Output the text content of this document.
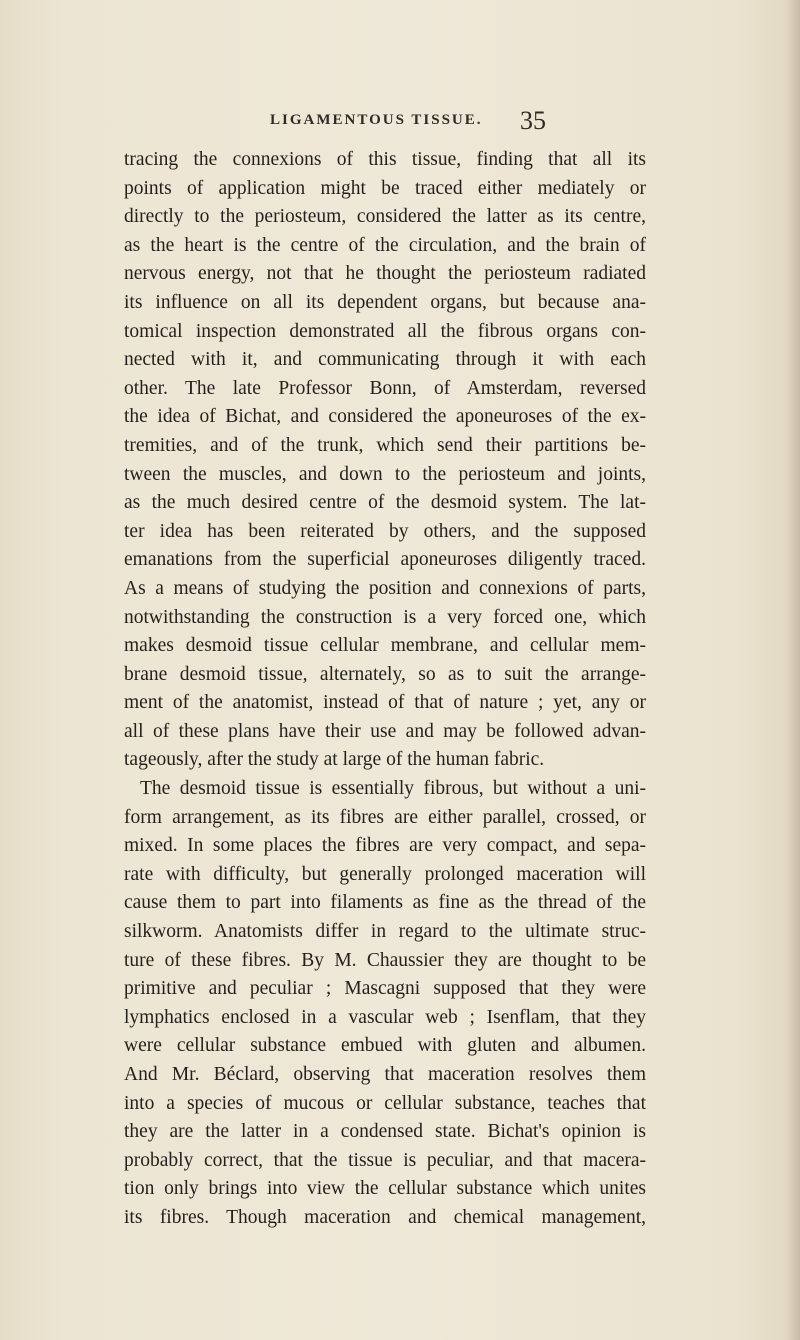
LIGAMENTOUS TISSUE. 35
tracing the connexions of this tissue, finding that all its
points of application might be traced either mediately or
directly to the periosteum, considered the latter as its centre,
as the heart is the centre of the circulation, and the brain of
nervous energy, not that he thought the periosteum radiated
its influence on all its dependent organs, but because ana-
tomical inspection demonstrated all the fibrous organs con-
nected with it, and communicating through it with each
other. The late Professor Bonn, of Amsterdam, reversed
the idea of Bichat, and considered the aponeuroses of the ex-
tremities, and of the trunk, which send their partitions be-
tween the muscles, and down to the periosteum and joints,
as the much desired centre of the desmoid system. The lat-
ter idea has been reiterated by others, and the supposed
emanations from the superficial aponeuroses diligently traced.
As a means of studying the position and connexions of parts,
notwithstanding the construction is a very forced one, which
makes desmoid tissue cellular membrane, and cellular mem-
brane desmoid tissue, alternately, so as to suit the arrange-
ment of the anatomist, instead of that of nature ; yet, any or
all of these plans have their use and may be followed advan-
tageously, after the study at large of the human fabric.
The desmoid tissue is essentially fibrous, but without a uni-
form arrangement, as its fibres are either parallel, crossed, or
mixed. In some places the fibres are very compact, and sepa-
rate with difficulty, but generally prolonged maceration will
cause them to part into filaments as fine as the thread of the
silkworm. Anatomists differ in regard to the ultimate struc-
ture of these fibres. By M. Chaussier they are thought to be
primitive and peculiar ; Mascagni supposed that they were
lymphatics enclosed in a vascular web ; Isenflam, that they
were cellular substance embued with gluten and albumen.
And Mr. Béclard, observing that maceration resolves them
into a species of mucous or cellular substance, teaches that
they are the latter in a condensed state. Bichat's opinion is
probably correct, that the tissue is peculiar, and that macera-
tion only brings into view the cellular substance which unites
its fibres. Though maceration and chemical management,
